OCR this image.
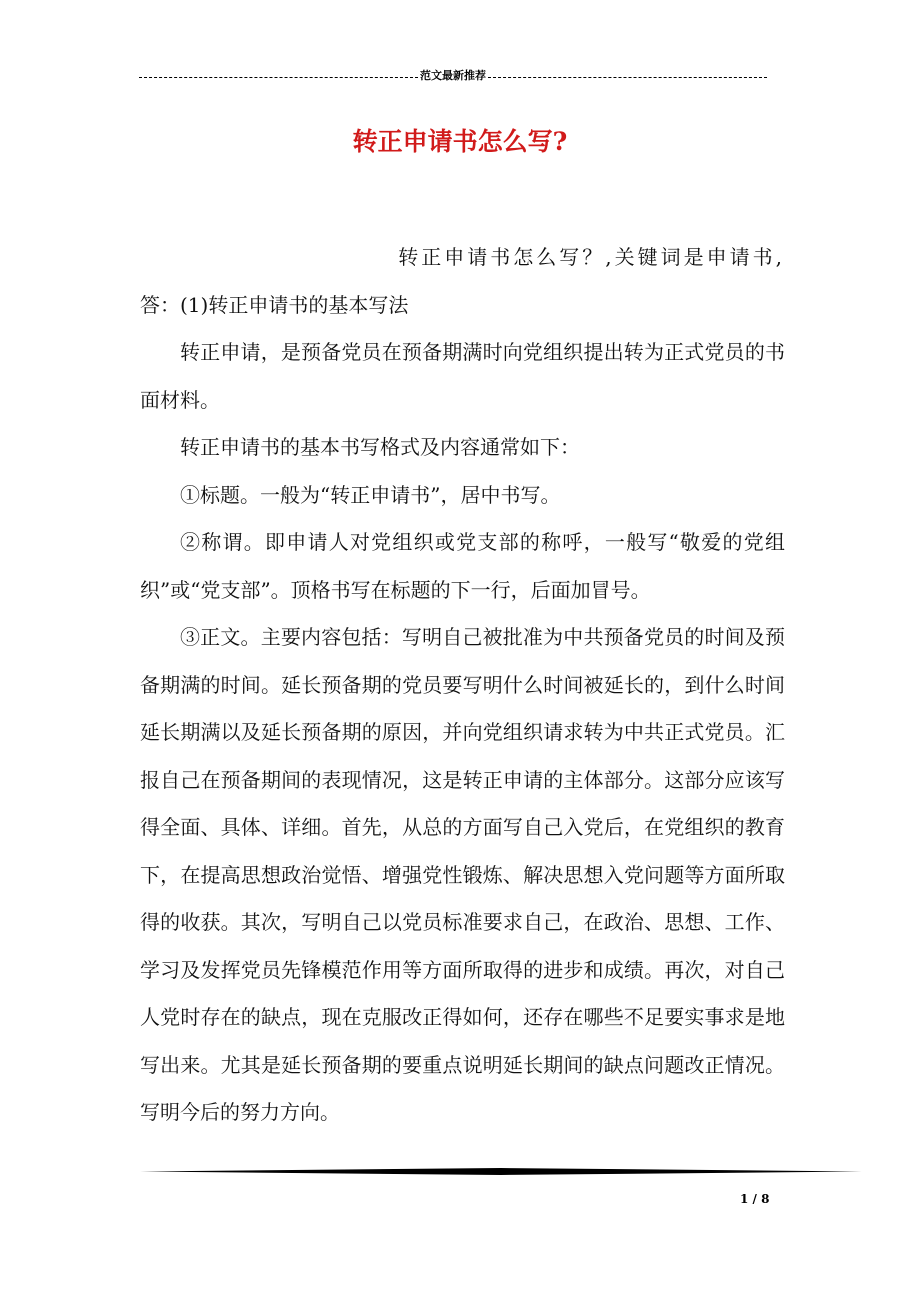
范文最新推荐
转正申请书怎么写?

转正申请书怎么写？,关键词是申请书,
答：(1)转正申请书的基本写法

转正申请，是预备党员在预备期满时向党组织提出转为正式党员的书面材料。

转正申请书的基本书写格式及内容通常如下：

①标题。一般为“转正申请书”，居中书写。

②称谓。即申请人对党组织或党支部的称呼，一般写“敬爱的党组织”或“党支部”。顶格书写在标题的下一行，后面加冒号。

③正文。主要内容包括：写明自己被批准为中共预备党员的时间及预备期满的时间。延长预备期的党员要写明什么时间被延长的，到什么时间延长期满以及延长预备期的原因，并向党组织请求转为中共正式党员。汇报自己在预备期间的表现情况，这是转正申请的主体部分。这部分应该写得全面、具体、详细。首先，从总的方面写自己入党后，在党组织的教育下，在提高思想政治觉悟、增强党性锻炼、解决思想入党问题等方面所取得的收获。其次，写明自己以党员标准要求自己，在政治、思想、工作、学习及发挥党员先锋模范作用等方面所取得的进步和成绩。再次，对自己人党时存在的缺点，现在克服改正得如何，还存在哪些不足要实事求是地写出来。尤其是延长预备期的要重点说明延长期间的缺点问题改正情况。写明今后的努力方向。

1 / 8
